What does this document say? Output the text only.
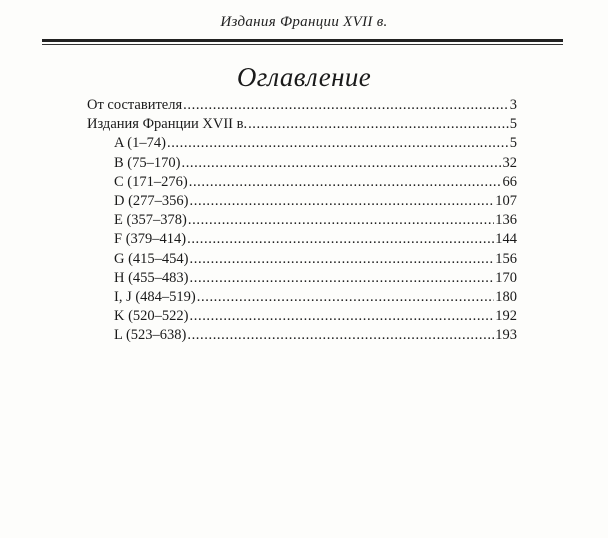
Издания Франции XVII в.
Оглавление
От составителя .....	3
Издания Франции XVII в. .....	5
A (1–74) .....	5
B (75–170) .....	32
C (171–276) .....	66
D (277–356) .....	107
E (357–378) .....	136
F (379–414) .....	144
G (415–454) .....	156
H (455–483) .....	170
I, J (484–519) .....	180
K (520–522) .....	192
L (523–638) .....	193
